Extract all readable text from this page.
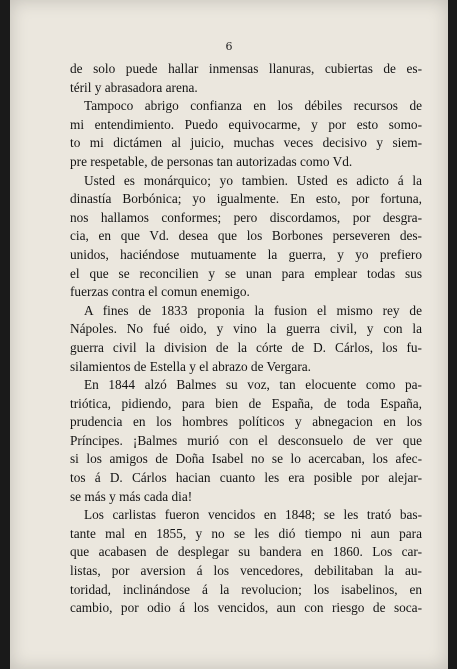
6
de solo puede hallar inmensas llanuras, cubiertas de es-
téril y abrasadora arena.
Tampoco abrigo confianza en los débiles recursos de
mi entendimiento. Puedo equivocarme, y por esto somo-
to mi dictámen al juicio, muchas veces decisivo y siem-
pre respetable, de personas tan autorizadas como Vd.
Usted es monárquico; yo tambien. Usted es adicto á la
dinastía Borbónica; yo igualmente. En esto, por fortuna,
nos hallamos conformes; pero discordamos, por desgra-
cia, en que Vd. desea que los Borbones perseveren des-
unidos, haciéndose mutuamente la guerra, y yo prefiero
el que se reconcilien y se unan para emplear todas sus
fuerzas contra el comun enemigo.
A fines de 1833 proponia la fusion el mismo rey de
Nápoles. No fué oido, y vino la guerra civil, y con la
guerra civil la division de la córte de D. Cárlos, los fu-
silamientos de Estella y el abrazo de Vergara.
En 1844 alzó Balmes su voz, tan elocuente como pa-
triótica, pidiendo, para bien de España, de toda España,
prudencia en los hombres políticos y abnegacion en los
Príncipes. ¡Balmes murió con el desconsuelo de ver que
si los amigos de Doña Isabel no se lo acercaban, los afec-
tos á D. Cárlos hacian cuanto les era posible por alejar-
se más y más cada dia!
Los carlistas fueron vencidos en 1848; se les trató bas-
tante mal en 1855, y no se les dió tiempo ni aun para
que acabasen de desplegar su bandera en 1860. Los car-
listas, por aversion á los vencedores, debilitaban la au-
toridad, inclinándose á la revolucion; los isabelinos, en
cambio, por odio á los vencidos, aun con riesgo de soca-
